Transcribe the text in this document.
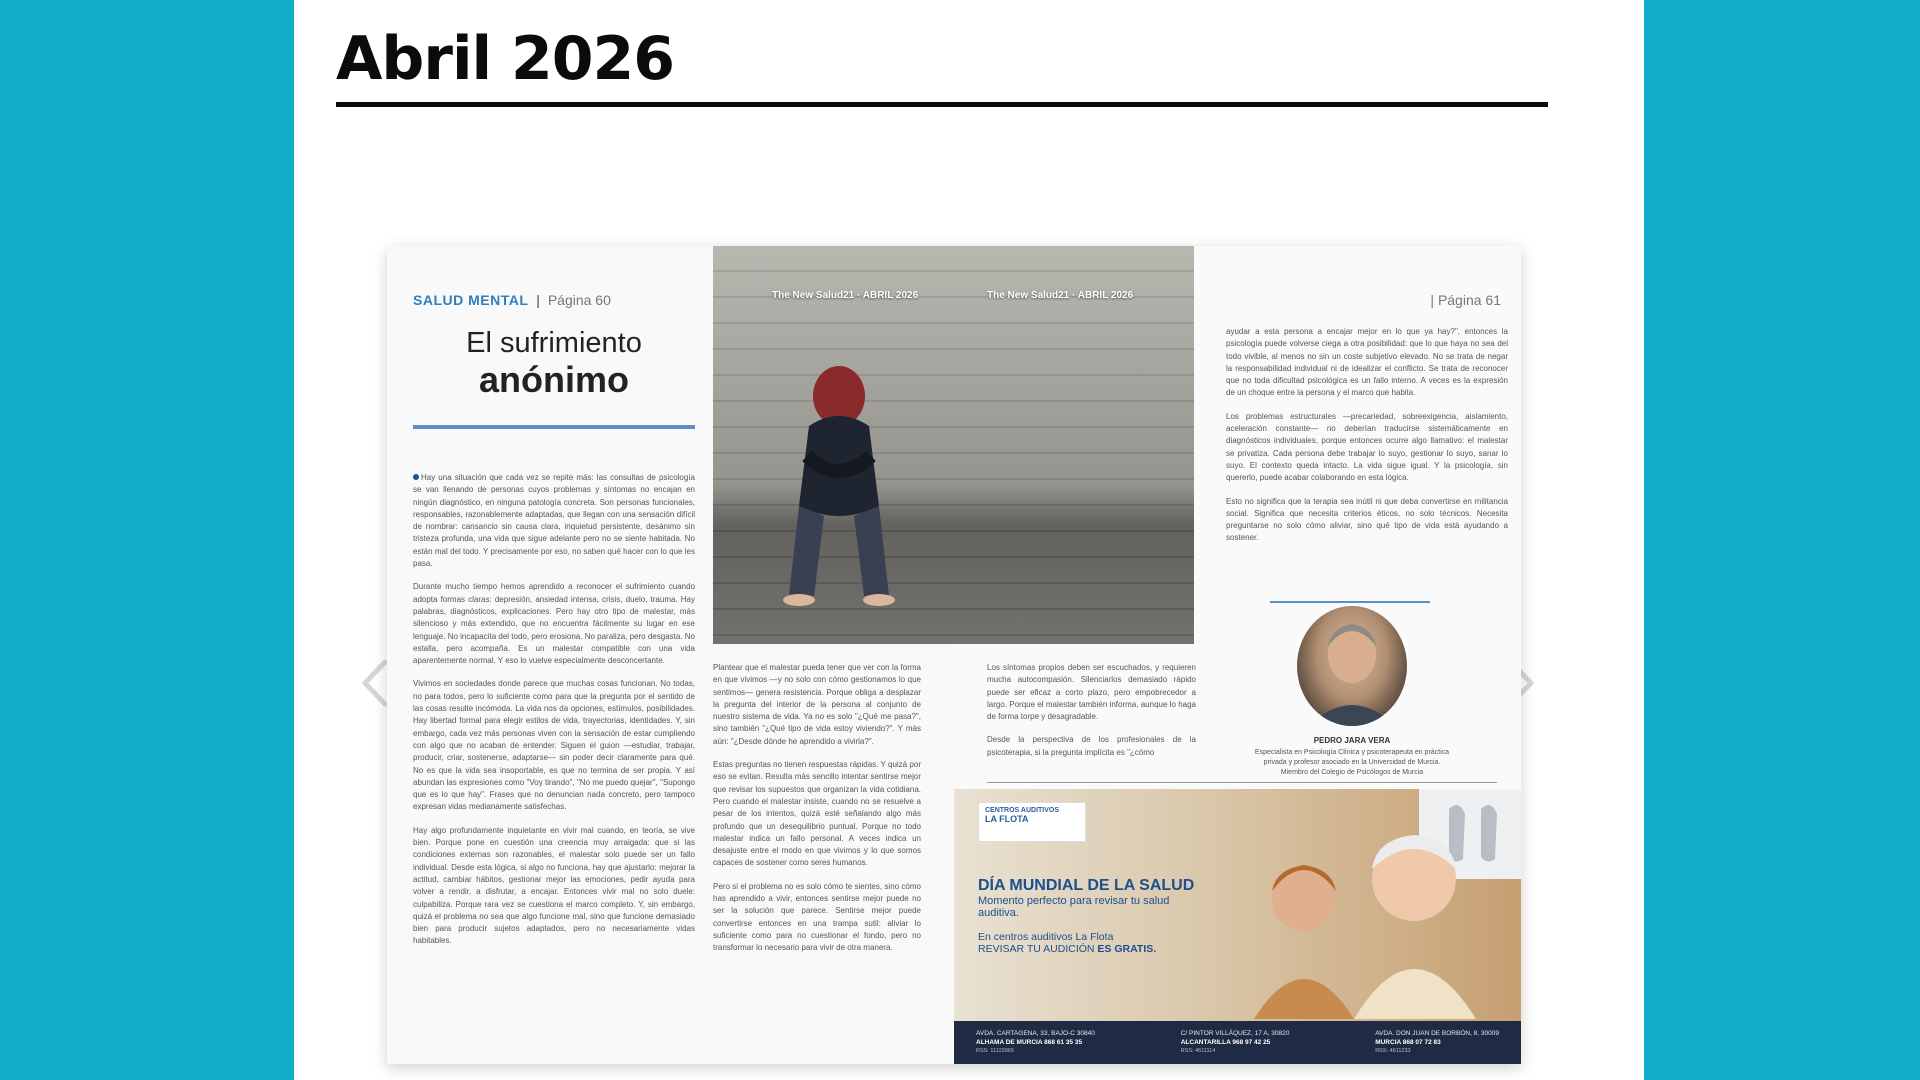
Abril 2026
SALUD MENTAL | Página 60
El sufrimiento
anónimo

Hay una situación que cada vez se repite más: las consultas de psicología se van llenando de personas cuyos problemas y síntomas no encajan en ningún diagnóstico, en ninguna patología concreta. Son personas funcionales, responsables, razonablemente adaptadas, que llegan con una sensación difícil de nombrar: cansancio sin causa clara, inquietud persistente, desánimo sin tristeza profunda, una vida que sigue adelante pero no se siente habitada. No están mal del todo. Y precisamente por eso, no saben qué hacer con lo que les pasa.

Durante mucho tiempo hemos aprendido a reconocer el sufrimiento cuando adopta formas claras: depresión, ansiedad intensa, crisis, duelo, trauma. Hay palabras, diagnósticos, explicaciones. Pero hay otro tipo de malestar, más silencioso y más extendido, que no encuentra fácilmente su lugar en ese lenguaje. No incapacita del todo, pero erosiona. No paraliza, pero desgasta. No estalla, pero acompaña. Es un malestar compatible con una vida aparentemente normal. Y eso lo vuelve especialmente desconcertante.

Vivimos en sociedades donde parece que muchas cosas funcionan. No todas, no para todos, pero lo suficiente como para que la pregunta por el sentido de las cosas resulte incómoda. La vida nos da opciones, estímulos, posibilidades. Hay libertad formal para elegir estilos de vida, trayectorias, identidades. Y, sin embargo, cada vez más personas viven con la sensación de estar cumpliendo con algo que no acaban de entender. Siguen el guion —estudiar, trabajar, producir, criar, sostenerse, adaptarse— sin poder decir claramente para qué. No es que la vida sea insoportable, es que no termina de ser propia. Y así abundan las expresiones como "Voy tirando", "No me puedo quejar", "Supongo que es lo que hay". Frases que no denuncian nada concreto, pero tampoco expresan vidas medianamente satisfechas.

Hay algo profundamente inquietante en vivir mal cuando, en teoría, se vive bien. Porque pone en cuestión una creencia muy arraigada: que si las condiciones externas son razonables, el malestar solo puede ser un fallo individual. Desde esta lógica, si algo no funciona, hay que ajustarlo: mejorar la actitud, cambiar hábitos, gestionar mejor las emociones, pedir ayuda para volver a rendir, a disfrutar, a encajar. Entonces vivir mal no solo duele: culpabiliza. Porque rara vez se cuestiona el marco completo. Y, sin embargo, quizá el problema no sea que algo funcione mal, sino que funcione demasiado bien para producir sujetos adaptados, pero no necesariamente vidas habitables.

The New Salud21 · ABRIL 2026

Plantear que el malestar pueda tener que ver con la forma en que vivimos —y no solo con cómo gestionamos lo que sentimos— genera resistencia. Porque obliga a desplazar la pregunta del interior de la persona al conjunto de nuestro sistema de vida. Ya no es solo "¿Qué me pasa?", sino también "¿Qué tipo de vida estoy viviendo?". Y más aún: "¿Desde dónde he aprendido a vivirla?".

Estas preguntas no tienen respuestas rápidas. Y quizá por eso se evitan. Resulta más sencillo intentar sentirse mejor que revisar los supuestos que organizan la vida cotidiana. Pero cuando el malestar insiste, cuando no se resuelve a pesar de los intentos, quizá esté señalando algo más profundo que un desequilibrio puntual. Porque no todo malestar indica un fallo personal. A veces indica un desajuste entre el modo en que vivimos y lo que somos capaces de sostener como seres humanos.

Pero si el problema no es solo cómo te sientes, sino cómo has aprendido a vivir, entonces sentirse mejor puede no ser la solución que parece. Sentirse mejor puede convertirse entonces en una trampa sutil: aliviar lo suficiente como para no cuestionar el fondo, pero no transformar lo necesario para vivir de otra manera.

The New Salud21 · ABRIL 2026	| Página 61

ayudar a esta persona a encajar mejor en lo que ya hay?", entonces la psicología puede volverse ciega a otra posibilidad: que lo que haya no sea del todo vivible, al menos no sin un coste subjetivo elevado. No se trata de negar la responsabilidad individual ni de idealizar el conflicto. Se trata de reconocer que no toda dificultad psicológica es un fallo interno. A veces es la expresión de un choque entre la persona y el marco que habita.

Los problemas estructurales —precariedad, sobreexigencia, aislamiento, aceleración constante— no deberían traducirse sistemáticamente en diagnósticos individuales, porque entonces ocurre algo llamativo: el malestar se privatiza. Cada persona debe trabajar lo suyo, gestionar lo suyo, sanar lo suyo. El contexto queda intacto. La vida sigue igual. Y la psicología, sin quererlo, puede acabar colaborando en esta lógica.

Esto no significa que la terapia sea inútil ni que deba convertirse en militancia social. Significa que necesita criterios éticos, no solo técnicos. Necesita preguntarse no solo cómo aliviar, sino qué tipo de vida está ayudando a sostener.

Los síntomas propios deben ser escuchados, y requieren mucha autocompasión. Silenciarlos demasiado rápido puede ser eficaz a corto plazo, pero empobrecedor a largo. Porque el malestar también informa, aunque lo haga de forma torpe y desagradable.

Desde la perspectiva de los profesionales de la psicoterapia, si la pregunta implícita es "¿cómo

PEDRO JARA VERA
Especialista en Psicología Clínica y psicoterapeuta en práctica
privada y profesor asociado en la Universidad de Murcia.
Miembro del Colegio de Psicólogos de Murcia
CENTROS AUDITIVOS
LA FLOTA
DÍA MUNDIAL DE LA SALUD
Momento perfecto para revisar tu salud auditiva.
En centros auditivos La Flota
REVISAR TU AUDICIÓN ES GRATIS.
AVDA. CARTAGENA, 33, BAJO-C 30840
ALHAMA DE MURCIA 868 61 35 35
RSS: 11122865
C/ PINTOR VILLÁQUEZ, 17 A, 30820
ALCANTARILLA 968 97 42 25
RSS: 4611114
AVDA. DON JUAN DE BORBÓN, 8, 30009
MURCIA 868 07 72 83
RSS: 4611233
